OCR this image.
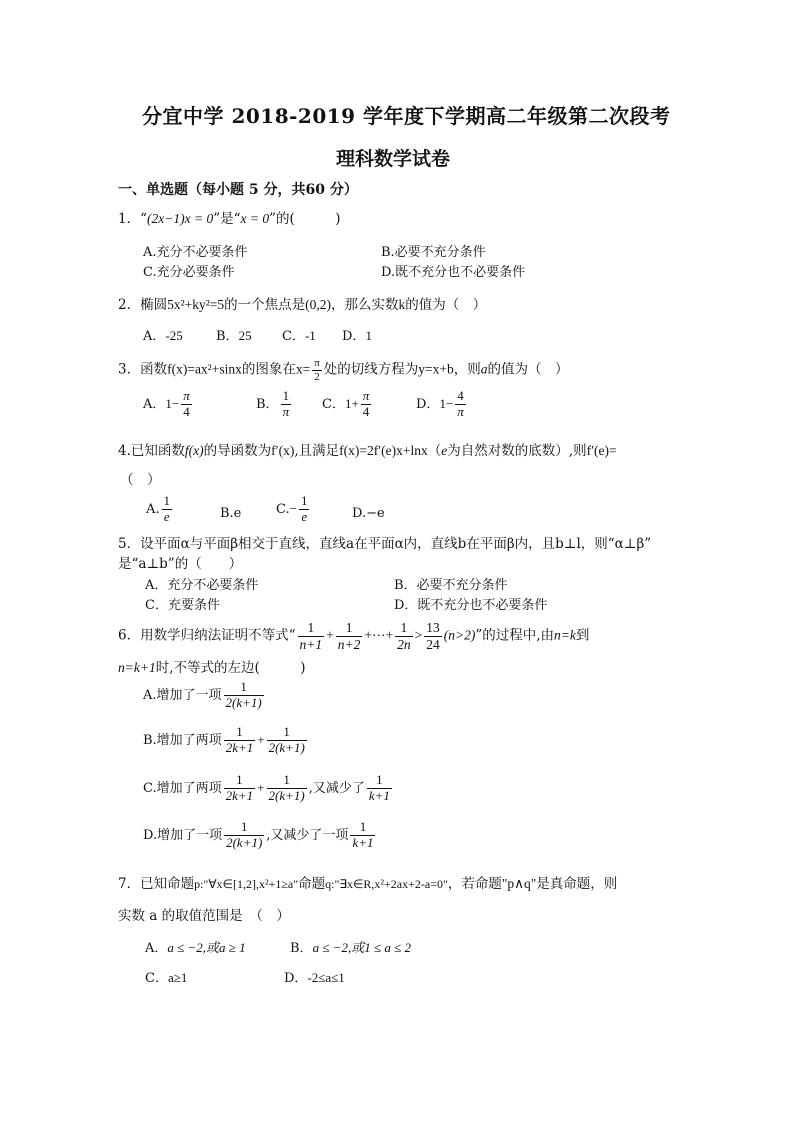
分宜中学 2018-2019 学年度下学期高二年级第二次段考
理科数学试卷
一、单选题（每小题 5 分，共60 分）
1．“(2x−1)x = 0”是“x = 0”的(　　　)
A.充分不必要条件	B.必要不充分条件
C.充分必要条件	D.既不充分也不必要条件
2．椭圆5x²+ky²=5的一个焦点是(0,2)，那么实数k的值为（　）
A．-25	B．25 C．-1 D．1
3．函数f(x)=ax²+sinx的图象在$x= \frac{\pi}{2}$ 处的切线方程为y=x+b，则a的值为（　）
A．$1- \frac{\pi}{4}$	B． $\frac{1}{\pi}$ C．$1+ \frac{\pi}{4}$	D．$1- \frac{4}{\pi}$
4.已知函数f(x)的导函数为f′(x),且满足f(x)=2f′(e)x+lnx（e为自然对数的底数）,则f′(e)=
（　）
A. $\frac{1}{e}$	B.e	$C.- \frac{1}{e}$	D.−e
5．设平面α与平面β相交于直线，直线a在平面α内，直线b在平面β内，且b⊥l，则“α⊥β”
是“a⊥b”的（　　）
A．充分不必要条件	B．必要不充分条件
C．充要条件	D．既不充分也不必要条件
6．用数学归纳法证明不等式“ $\frac{1}{n+1} + \frac{1}{n+2}$ +⋯+ $\frac{1}{2n} > \frac{13}{24} (n>2)$”的过程中,由n=k到
n=k+1时,不等式的左边(　　　)
A.增加了一项 $\frac{1}{2(k+1)}$
B.增加了两项 $\frac{1}{2k+1} + \frac{1}{2(k+1)}$
C.增加了两项 $\frac{1}{2k+1} + \frac{1}{2(k+1)}$ ,又减少了 $\frac{1}{k+1}$
D.增加了一项 $\frac{1}{2(k+1)}$ ,又减少了一项 $\frac{1}{k+1}$
7．已知命题p:"∀x∈[1,2],x²+1≥a"命题q:"∃x∈R,x²+2ax+2-a=0"，若命题"p∧q"是真命题，则
实数 a 的取值范围是　（　）
A．a ≤ −2,或a ≥ 1	B．a ≤ −2,或1 ≤ a ≤ 2
C．a≥1	D．-2≤a≤1
